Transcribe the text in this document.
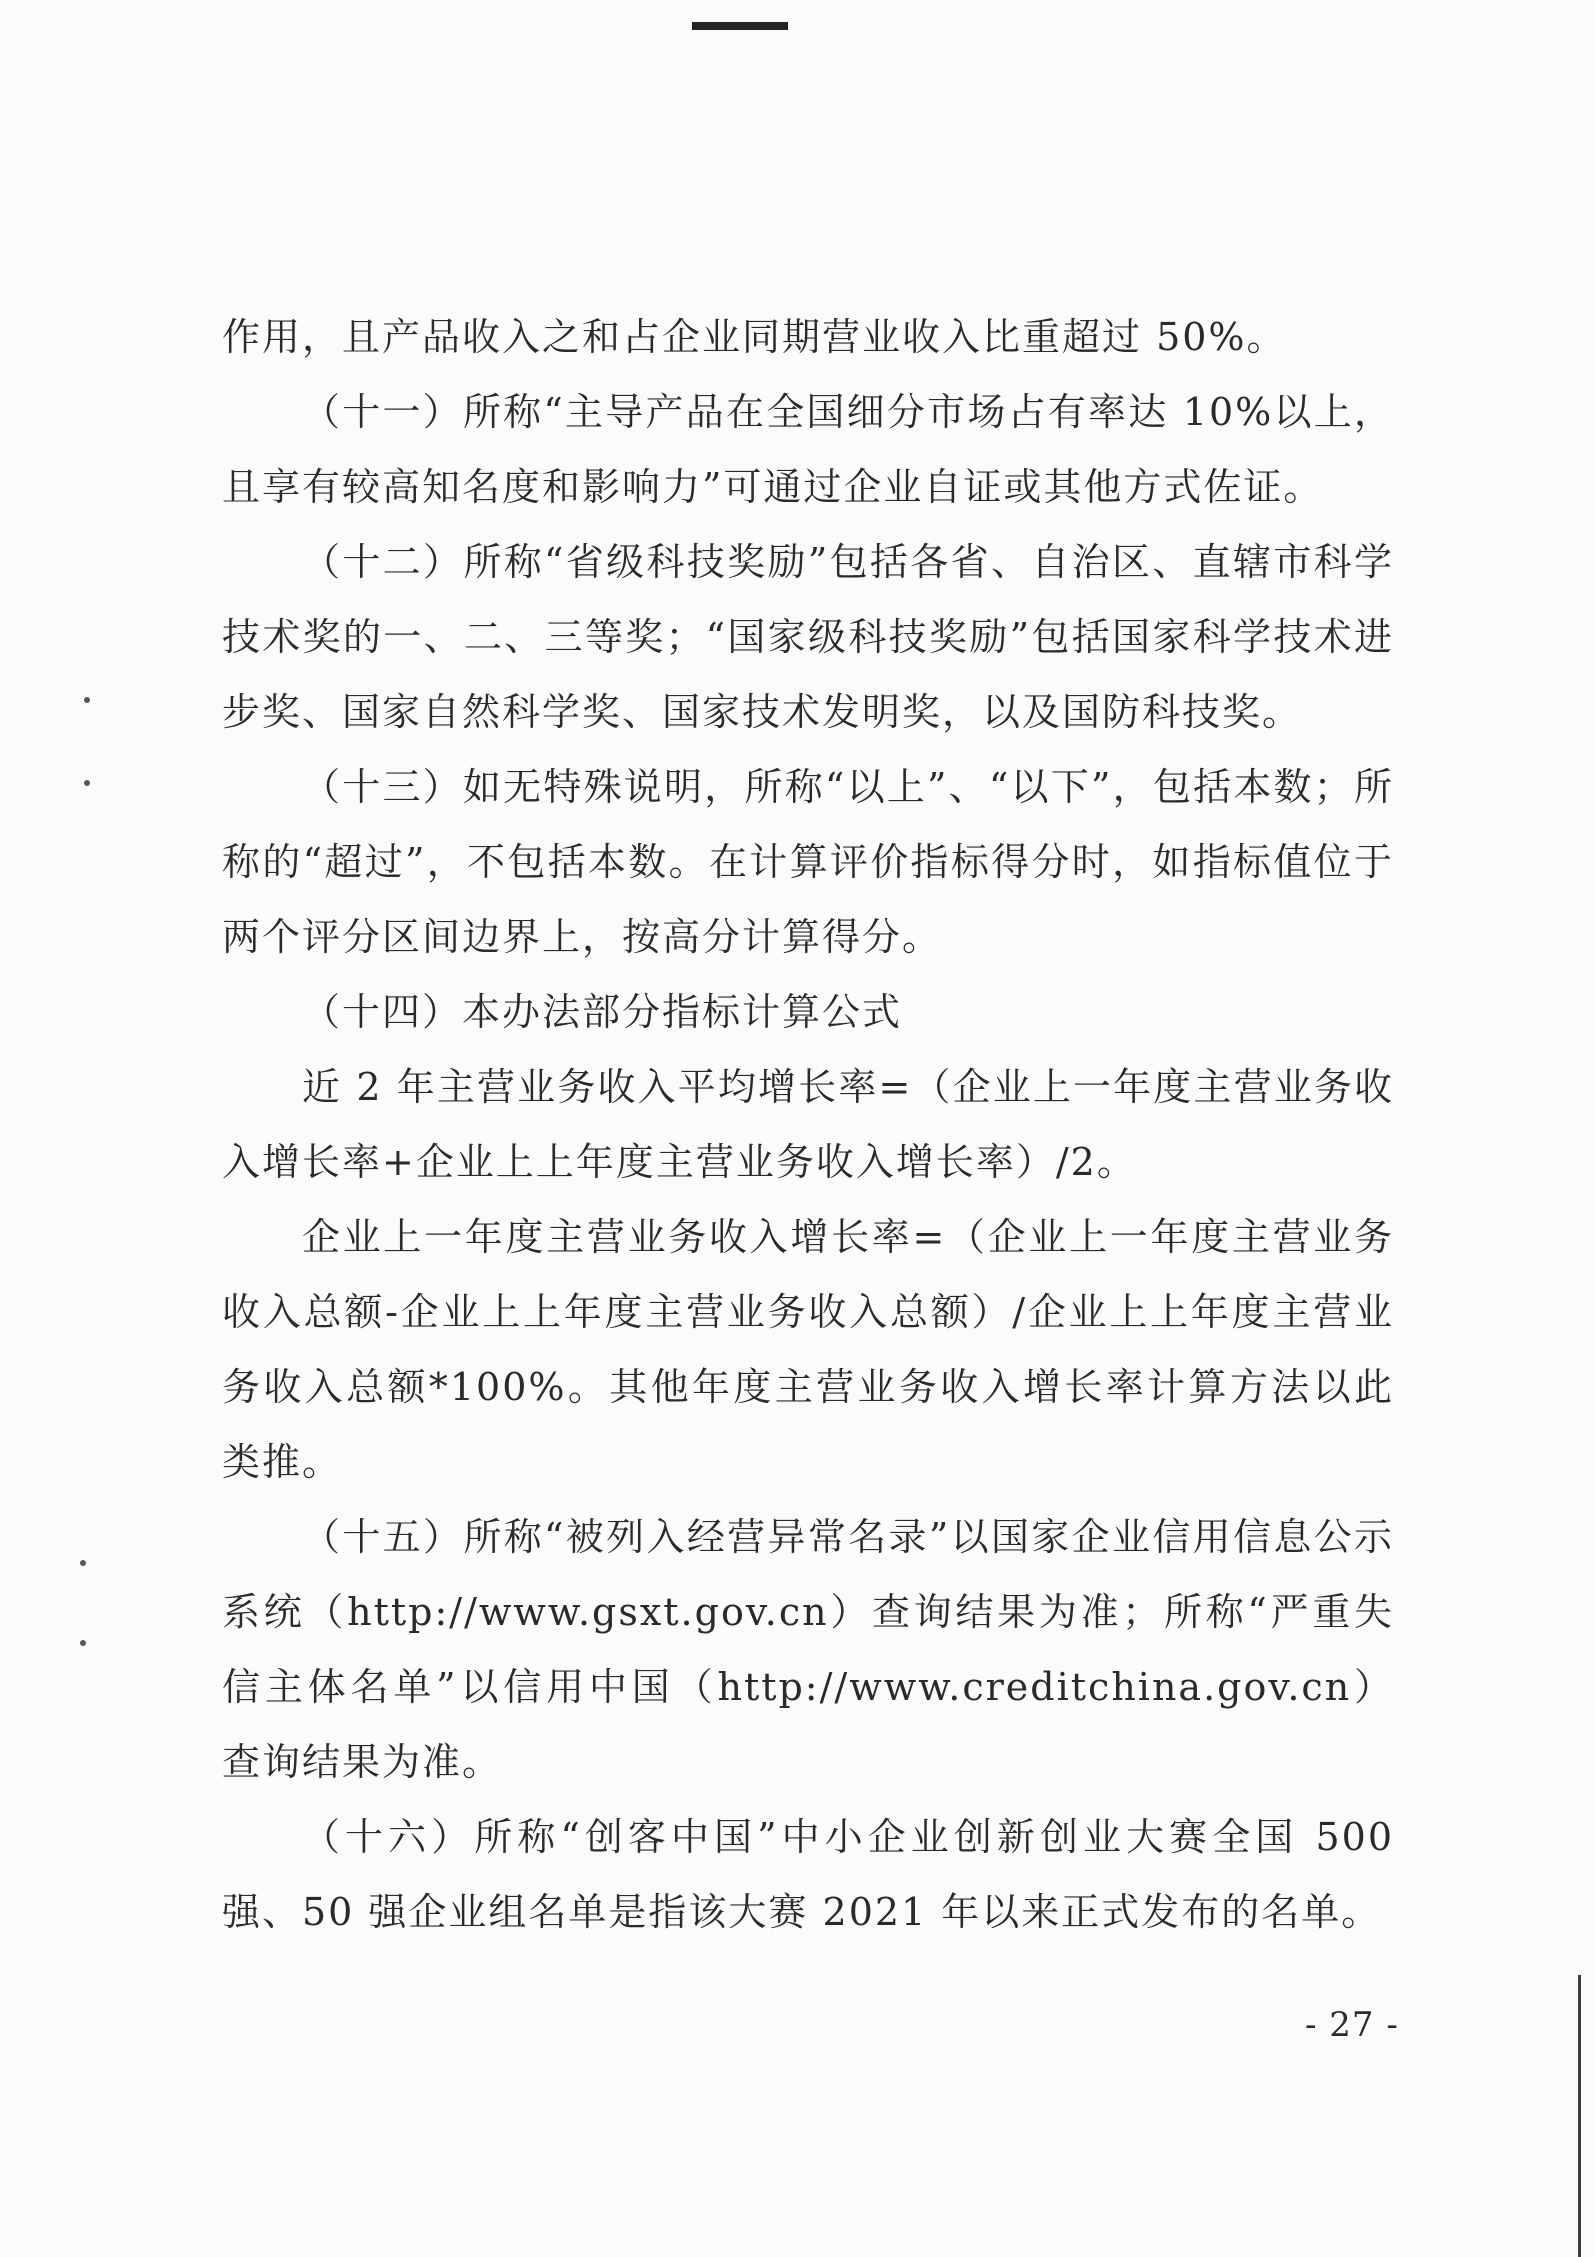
作用，且产品收入之和占企业同期营业收入比重超过 50%。

（十一）所称“主导产品在全国细分市场占有率达 10%以上，且享有较高知名度和影响力”可通过企业自证或其他方式佐证。

（十二）所称“省级科技奖励”包括各省、自治区、直辖市科学技术奖的一、二、三等奖；“国家级科技奖励”包括国家科学技术进步奖、国家自然科学奖、国家技术发明奖，以及国防科技奖。

（十三）如无特殊说明，所称“以上”、“以下”，包括本数；所称的“超过”，不包括本数。在计算评价指标得分时，如指标值位于两个评分区间边界上，按高分计算得分。

（十四）本办法部分指标计算公式

近 2 年主营业务收入平均增长率=（企业上一年度主营业务收入增长率+企业上上年度主营业务收入增长率）/2。

企业上一年度主营业务收入增长率=（企业上一年度主营业务收入总额-企业上上年度主营业务收入总额）/企业上上年度主营业务收入总额*100%。其他年度主营业务收入增长率计算方法以此类推。

（十五）所称“被列入经营异常名录”以国家企业信用信息公示系统（http://www.gsxt.gov.cn）查询结果为准；所称“严重失信主体名单”以信用中国（http://www.creditchina.gov.cn）查询结果为准。

（十六）所称“创客中国”中小企业创新创业大赛全国 500 强、50 强企业组名单是指该大赛 2021 年以来正式发布的名单。

- 27 -
